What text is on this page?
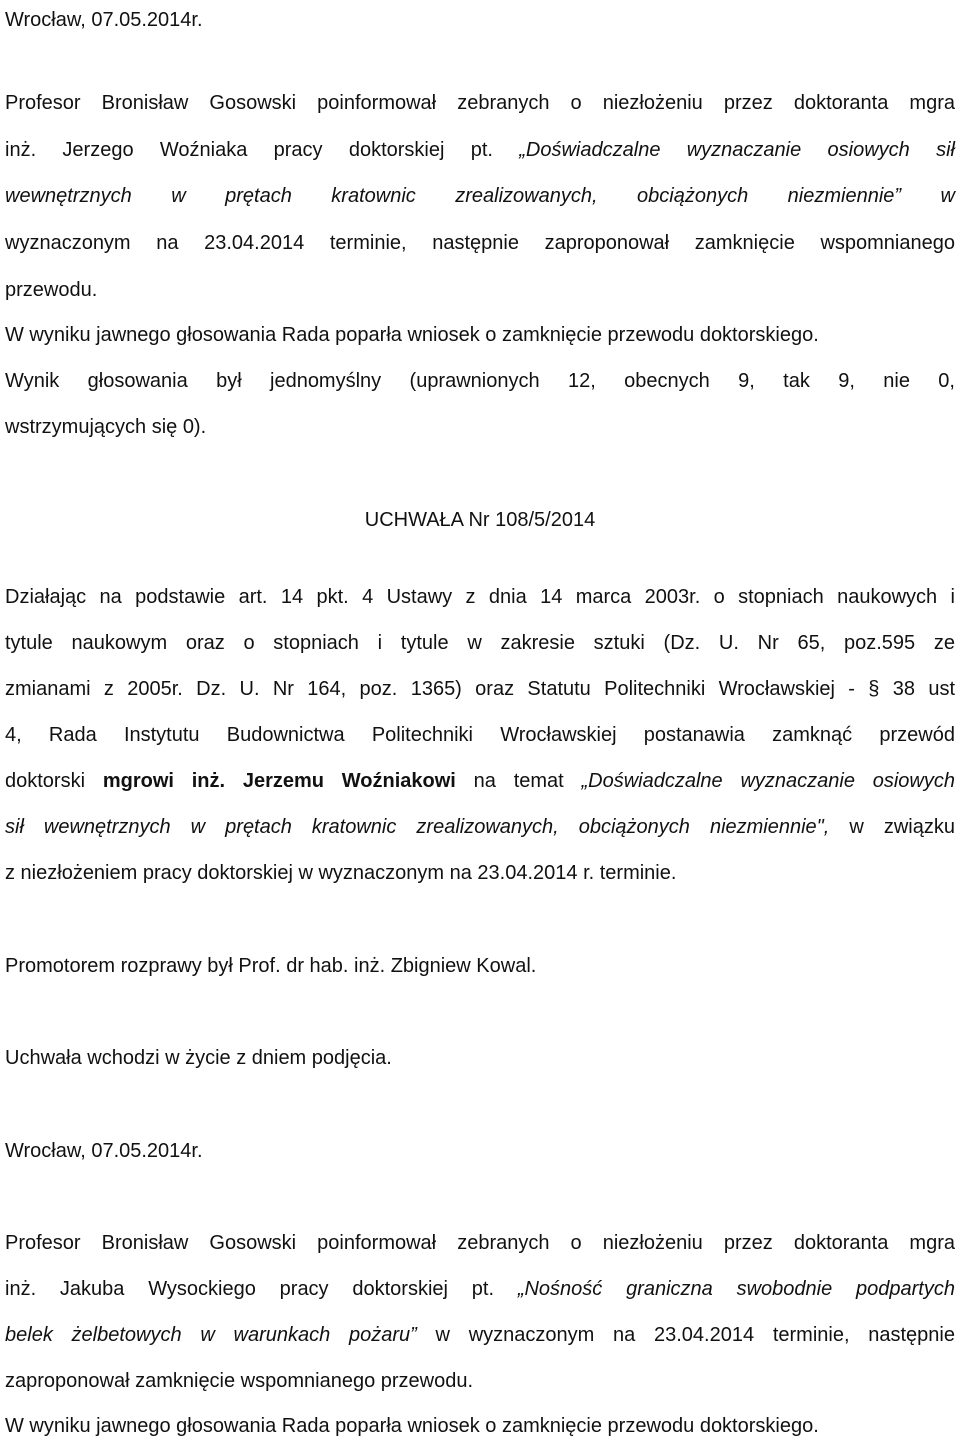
Wrocław, 07.05.2014r.

Profesor Bronisław Gosowski poinformował zebranych o niezłożeniu przez doktoranta mgra

inż. Jerzego Woźniaka pracy doktorskiej pt. „Doświadczalne wyznaczanie osiowych sił

wewnętrznych w prętach kratownic zrealizowanych, obciążonych niezmiennie” w

wyznaczonym na 23.04.2014 terminie, następnie zaproponował zamknięcie wspomnianego

przewodu.

W wyniku jawnego głosowania Rada poparła wniosek o zamknięcie przewodu doktorskiego.

Wynik głosowania był jednomyślny (uprawnionych 12, obecnych 9, tak 9, nie 0,

wstrzymujących się 0).

UCHWAŁA Nr 108/5/2014

Działając na podstawie art. 14 pkt. 4 Ustawy z dnia 14 marca 2003r. o stopniach naukowych i

tytule naukowym oraz o stopniach i tytule w zakresie sztuki (Dz. U. Nr 65, poz.595 ze

zmianami z 2005r. Dz. U. Nr 164, poz. 1365) oraz Statutu Politechniki Wrocławskiej - § 38 ust

4, Rada Instytutu Budownictwa Politechniki Wrocławskiej postanawia zamknąć przewód

doktorski mgrowi inż. Jerzemu Woźniakowi na temat „Doświadczalne wyznaczanie osiowych

sił wewnętrznych w prętach kratownic zrealizowanych, obciążonych niezmiennie", w związku

z niezłożeniem pracy doktorskiej w wyznaczonym na 23.04.2014 r. terminie.

Promotorem rozprawy był Prof. dr hab. inż. Zbigniew Kowal.

Uchwała wchodzi w życie z dniem podjęcia.

Wrocław, 07.05.2014r.

Profesor Bronisław Gosowski poinformował zebranych o niezłożeniu przez doktoranta mgra

inż. Jakuba Wysockiego pracy doktorskiej pt. „Nośność graniczna swobodnie podpartych

belek żelbetowych w warunkach pożaru” w wyznaczonym na 23.04.2014 terminie, następnie

zaproponował zamknięcie wspomnianego przewodu.

W wyniku jawnego głosowania Rada poparła wniosek o zamknięcie przewodu doktorskiego.
